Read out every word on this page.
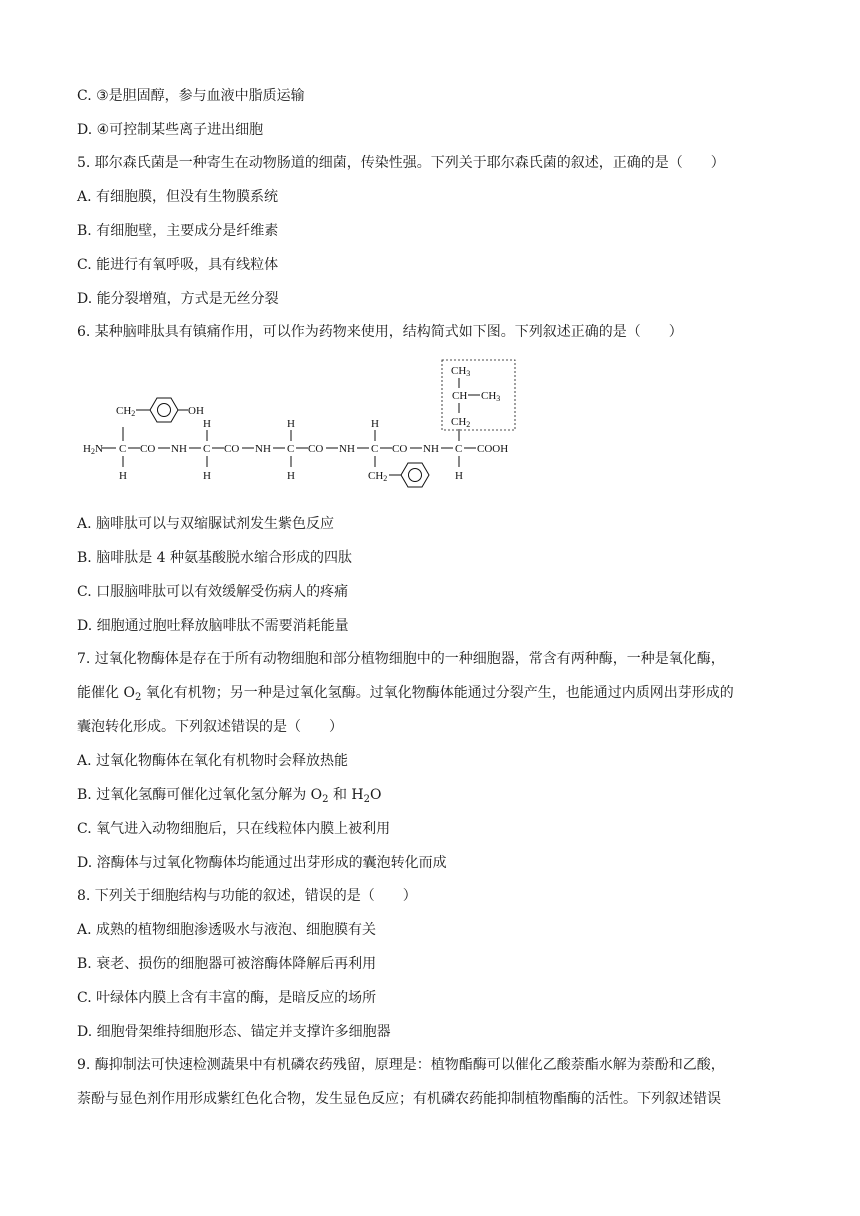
C. ③是胆固醇，参与血液中脂质运输
D. ④可控制某些离子进出细胞
5. 耶尔森氏菌是一种寄生在动物肠道的细菌，传染性强。下列关于耶尔森氏菌的叙述，正确的是（　　）
A. 有细胞膜，但没有生物膜系统
B. 有细胞壁，主要成分是纤维素
C. 能进行有氧呼吸，具有线粒体
D. 能分裂增殖，方式是无丝分裂
6. 某种脑啡肽具有镇痛作用，可以作为药物来使用，结构简式如下图。下列叙述正确的是（　　）
H2N C CO NH C CO NH C CO NH C CO NH C COOH
CH2	OH
H
H
H
H
H
H
CH2
CH3
CH CH3
CH2
H
A. 脑啡肽可以与双缩脲试剂发生紫色反应
B. 脑啡肽是 4 种氨基酸脱水缩合形成的四肽
C. 口服脑啡肽可以有效缓解受伤病人的疼痛
D. 细胞通过胞吐释放脑啡肽不需要消耗能量
7. 过氧化物酶体是存在于所有动物细胞和部分植物细胞中的一种细胞器，常含有两种酶，一种是氧化酶，
能催化 $O_2$ 氧化有机物；另一种是过氧化氢酶。过氧化物酶体能通过分裂产生，也能通过内质网出芽形成的
囊泡转化形成。下列叙述错误的是（　　）
A. 过氧化物酶体在氧化有机物时会释放热能
B. 过氧化氢酶可催化过氧化氢分解为 $O_2$ 和 $H_2O$
C. 氧气进入动物细胞后，只在线粒体内膜上被利用
D. 溶酶体与过氧化物酶体均能通过出芽形成的囊泡转化而成
8. 下列关于细胞结构与功能的叙述，错误的是（　　）
A. 成熟的植物细胞渗透吸水与液泡、细胞膜有关
B. 衰老、损伤的细胞器可被溶酶体降解后再利用
C. 叶绿体内膜上含有丰富的酶，是暗反应的场所
D. 细胞骨架维持细胞形态、锚定并支撑许多细胞器
9. 酶抑制法可快速检测蔬果中有机磷农药残留，原理是：植物酯酶可以催化乙酸萘酯水解为萘酚和乙酸，
萘酚与显色剂作用形成紫红色化合物，发生显色反应；有机磷农药能抑制植物酯酶的活性。下列叙述错误
